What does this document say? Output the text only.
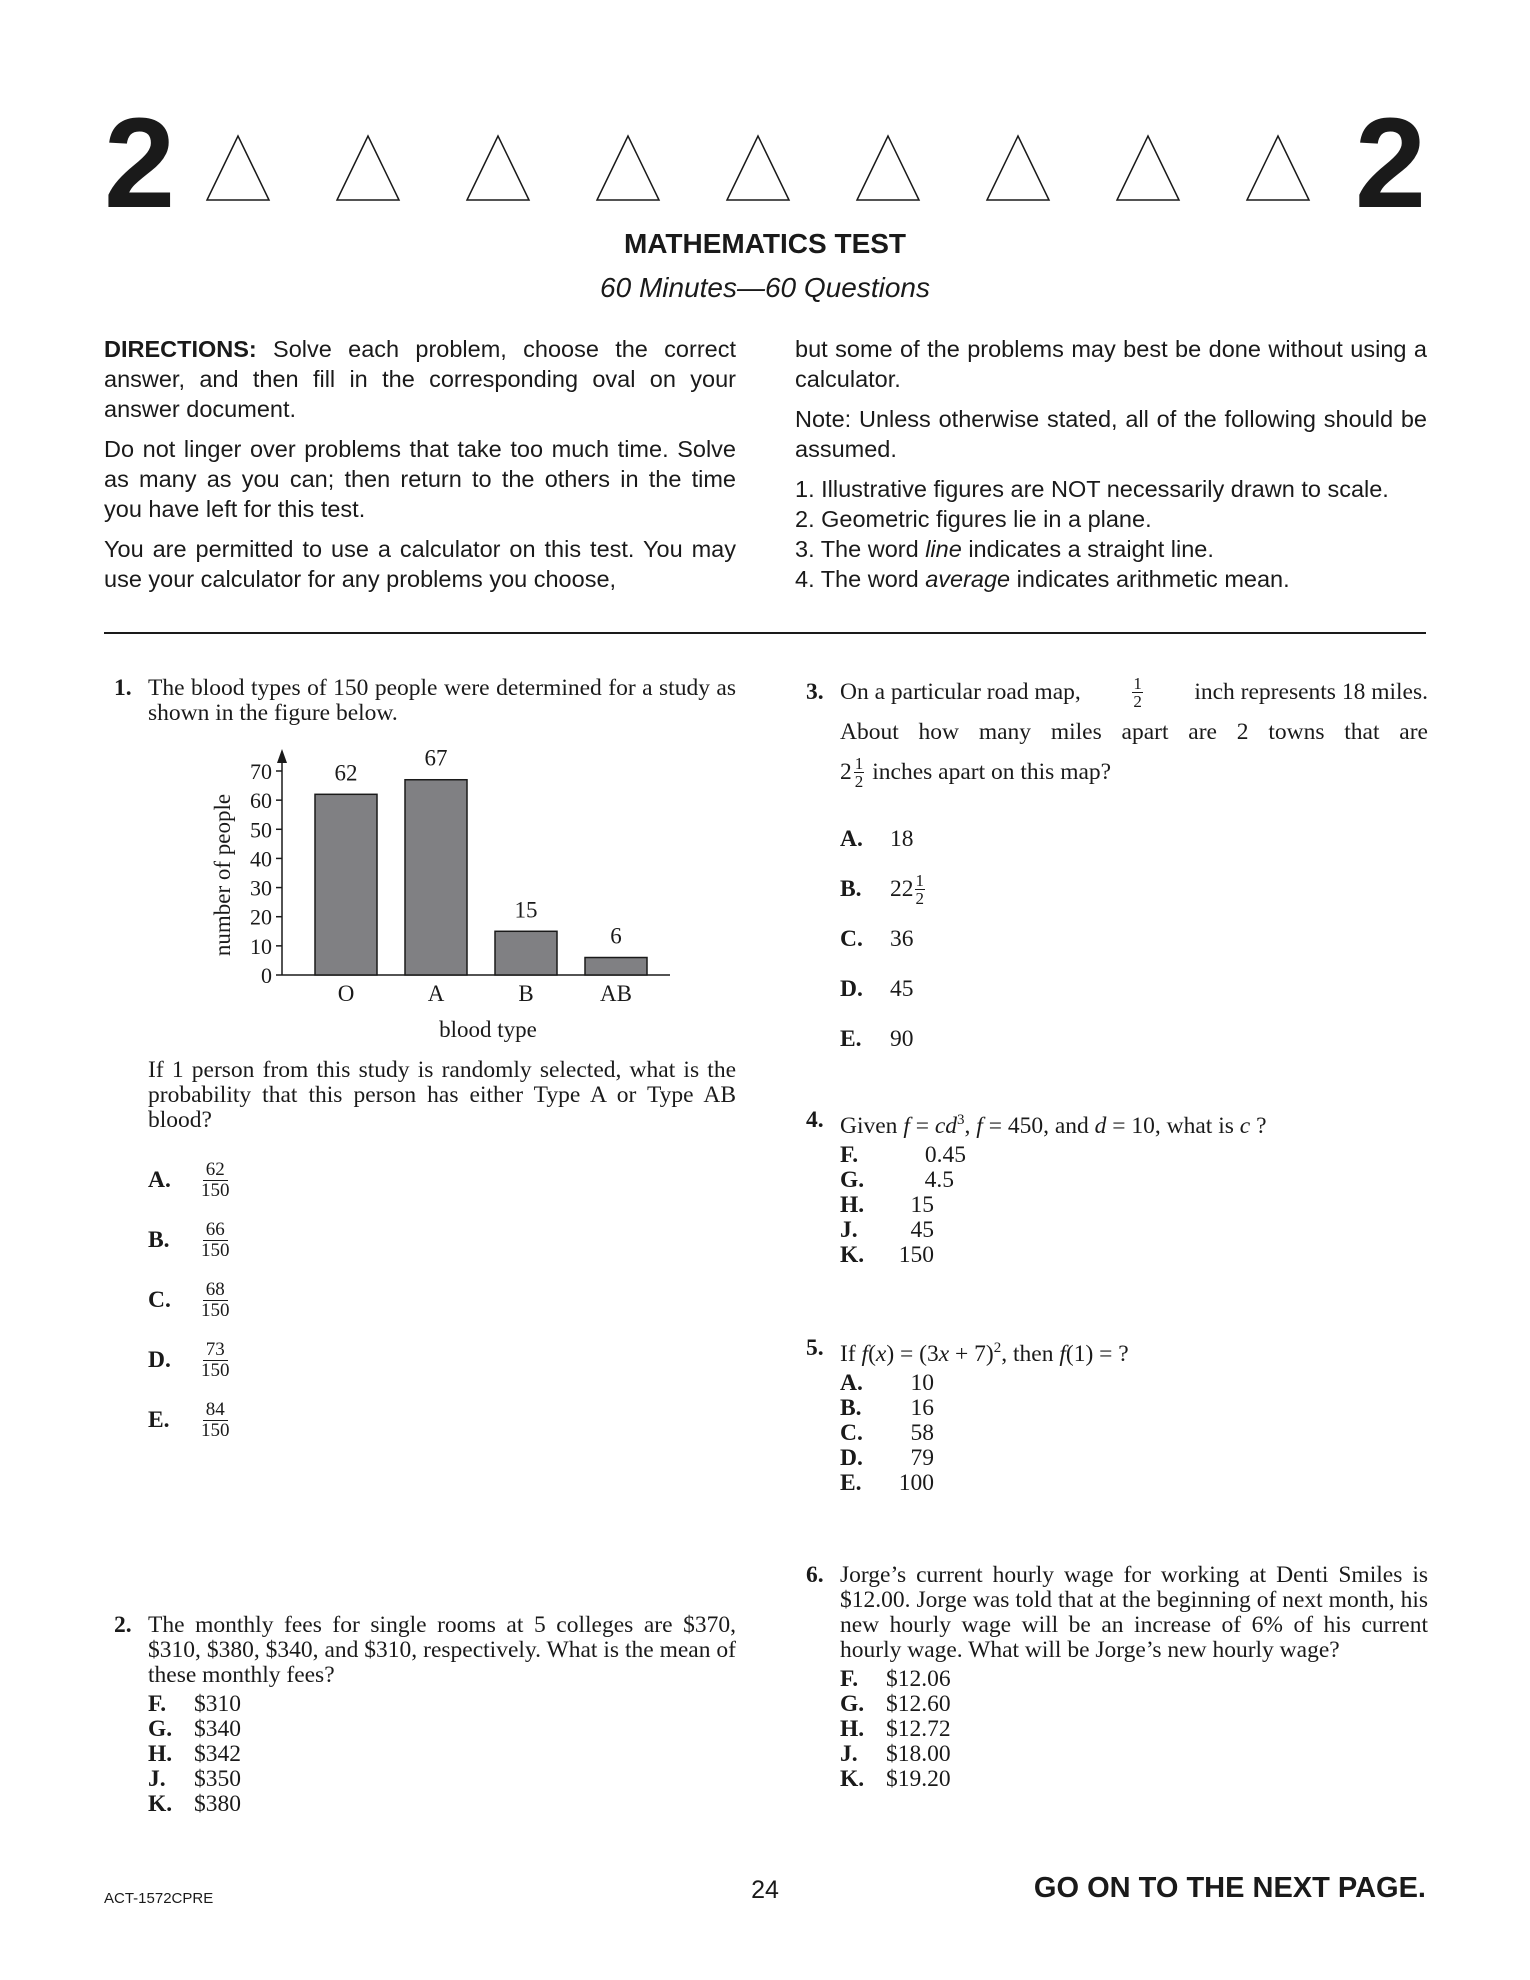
2	2
MATHEMATICS TEST
60 Minutes—60 Questions

DIRECTIONS: Solve each problem, choose the correct answer, and then fill in the corresponding oval on your answer document.

Do not linger over problems that take too much time. Solve as many as you can; then return to the others in the time you have left for this test.

You are permitted to use a calculator on this test. You may use your calculator for any problems you choose,

but some of the problems may best be done without using a calculator.

Note: Unless otherwise stated, all of the following should be assumed.

1. Illustrative figures are NOT necessarily drawn to scale.
2. Geometric figures lie in a plane.
3. The word line indicates a straight line.
4. The word average indicates arithmetic mean.
1. The blood types of 150 people were determined for a study as shown in the figure below.
0
10
20
30
40
50
60
70	62
O
67
A
15
B
6
AB
number of people
blood type
If 1 person from this study is randomly selected, what is the probability that this person has either Type A or Type AB blood?
A.	$\frac{62}{150}$
B.	$\frac{66}{150}$
C.	$\frac{68}{150}$
D.	$\frac{73}{150}$
E.	$\frac{84}{150}$
2. The monthly fees for single rooms at 5 colleges are $370, $310, $380, $340, and $310, respectively. What is the mean of these monthly fees?
F.	$310
G. $340
H. $342
J.	$350
K. $380
3. On a particular road map,	$\frac{1}{2}$ inch represents 18 miles.
About how many miles apart are 2 towns that are
$2 \frac{1}{2}$ inches apart on this map?
A.	18
B.	$22 \frac{1}{2}$
C.	36
D.	45
E.	90
4. Given $f = cd^3$, f = 450, and d = 10, what is c ?
F.	0.45
G.	4.5
H.	15
J.	45
K.	150
5. If $f(x) = (3x + 7)^2$, then f(1) = ?
A.	10
B.	16
C.	58
D.	79
E.	100
6. Jorge’s current hourly wage for working at Denti Smiles is $12.00. Jorge was told that at the beginning of next month, his new hourly wage will be an increase of 6% of his current hourly wage. What will be Jorge’s new hourly wage?
F.	$12.06
G. $12.60
H. $12.72
J.	$18.00
K. $19.20
ACT-1572CPRE	24	GO ON TO THE NEXT PAGE.
